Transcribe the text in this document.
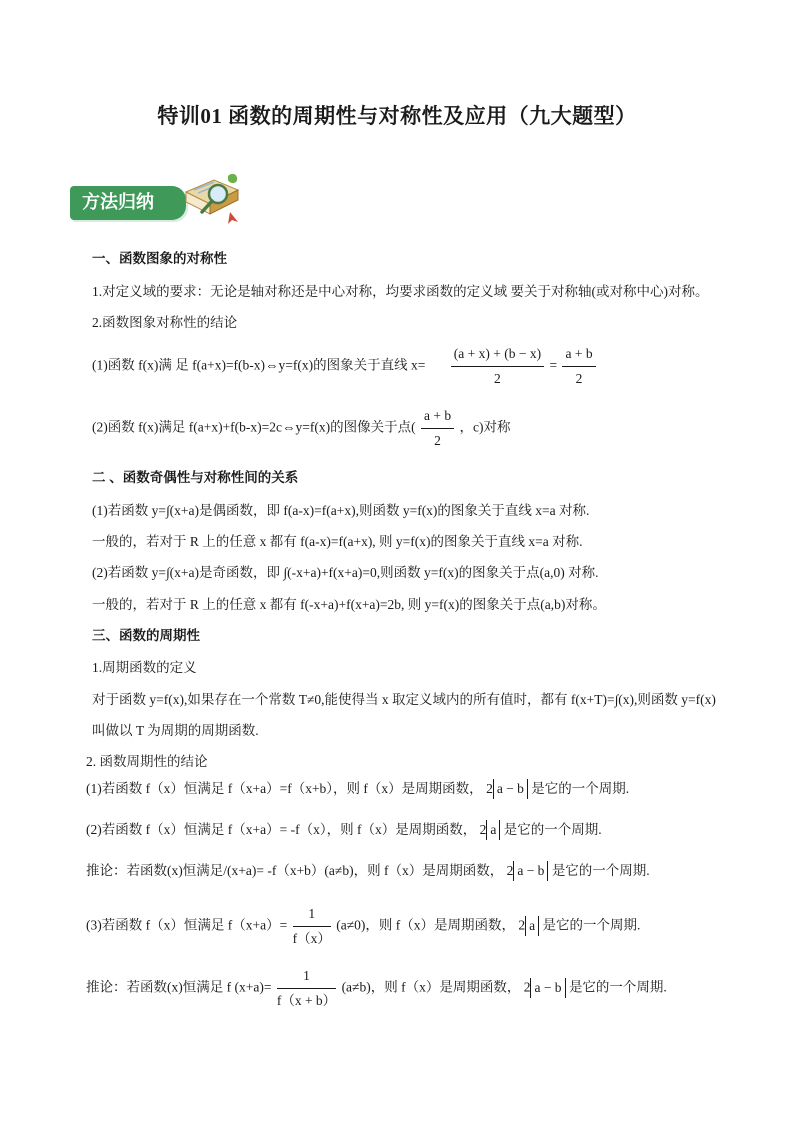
特训01 函数的周期性与对称性及应用（九大题型）
方法归纳
一、函数图象的对称性
1.对定义域的要求：无论是轴对称还是中心对称，均要求函数的定义域 要关于对称轴(或对称中心)对称。
2.函数图象对称性的结论
(1)函数 f(x)满 足 f(a+x)=f(b-x)⇔y=f(x)的图象关于直线 $x= \frac{(a + x) + (b - x)}{2} = \frac{a + b}{2}$
(2)函数 f(x)满足 f(a+x)+f(b-x)=2c⇔y=f(x)的图像关于点( $\frac{a + b}{2}$ ，c)对称
二 、函数奇偶性与对称性间的关系
(1)若函数 y=∫(x+a)是偶函数，即 f(a-x)=f(a+x),则函数 y=f(x)的图象关于直线 x=a 对称.
一般的，若对于 R 上的任意 x 都有 f(a-x)=f(a+x), 则 y=f(x)的图象关于直线 x=a 对称.
(2)若函数 y=∫(x+a)是奇函数，即 ∫(-x+a)+f(x+a)=0,则函数 y=f(x)的图象关于点(a,0) 对称.
一般的，若对于 R 上的任意 x 都有 f(-x+a)+f(x+a)=2b, 则 y=f(x)的图象关于点(a,b)对称。
三、函数的周期性
1.周期函数的定义
对于函数 y=f(x),如果存在一个常数 T≠0,能使得当 x 取定义域内的所有值时，都有 f(x+T)=∫(x),则函数 y=f(x)
叫做以 T 为周期的周期函数.
2. 函数周期性的结论
(1)若函数 f（x）恒满足 f（x+a）=f（x+b），则 f（x）是周期函数， 2 a − b 是它的一个周期.
(2)若函数 f（x）恒满足 f（x+a）= -f（x），则 f（x）是周期函数， 2 a 是它的一个周期.
推论：若函数(x)恒满足/(x+a)= -f（x+b）(a≠b)，则 f（x）是周期函数， 2 a − b 是它的一个周期.
(3)若函数 f（x）恒满足 $f(x+a)= \frac{1}{f(x)} (a\ne 0)$，则 f（x）是周期函数， 2 a 是它的一个周期.
推论：若函数(x)恒满足 f $(x+a)= \frac{1}{f(x + b)} (a\ne b)$，则 f（x）是周期函数， 2 a − b 是它的一个周期.
